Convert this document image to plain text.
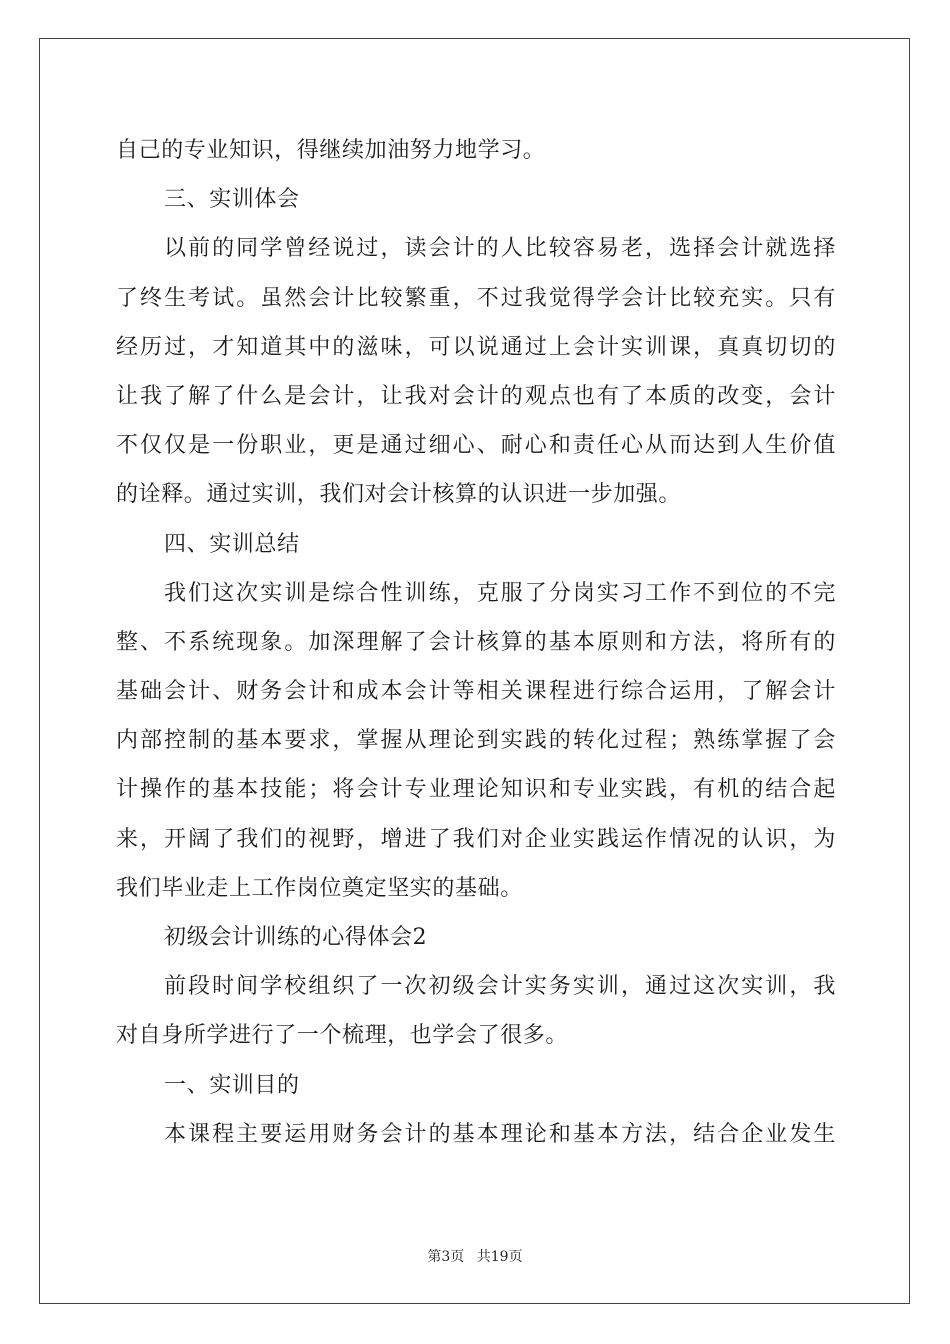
自己的专业知识，得继续加油努力地学习。
三、实训体会
以前的同学曾经说过，读会计的人比较容易老，选择会计就选择
了终生考试。虽然会计比较繁重，不过我觉得学会计比较充实。只有
经历过，才知道其中的滋味，可以说通过上会计实训课，真真切切的
让我了解了什么是会计，让我对会计的观点也有了本质的改变，会计
不仅仅是一份职业，更是通过细心、耐心和责任心从而达到人生价值
的诠释。通过实训，我们对会计核算的认识进一步加强。
四、实训总结
我们这次实训是综合性训练，克服了分岗实习工作不到位的不完
整、不系统现象。加深理解了会计核算的基本原则和方法，将所有的
基础会计、财务会计和成本会计等相关课程进行综合运用，了解会计
内部控制的基本要求，掌握从理论到实践的转化过程；熟练掌握了会
计操作的基本技能；将会计专业理论知识和专业实践，有机的结合起
来，开阔了我们的视野，增进了我们对企业实践运作情况的认识，为
我们毕业走上工作岗位奠定坚实的基础。
初级会计训练的心得体会2
前段时间学校组织了一次初级会计实务实训，通过这次实训，我
对自身所学进行了一个梳理，也学会了很多。
一、实训目的
本课程主要运用财务会计的基本理论和基本方法，结合企业发生
第3页 共19页
